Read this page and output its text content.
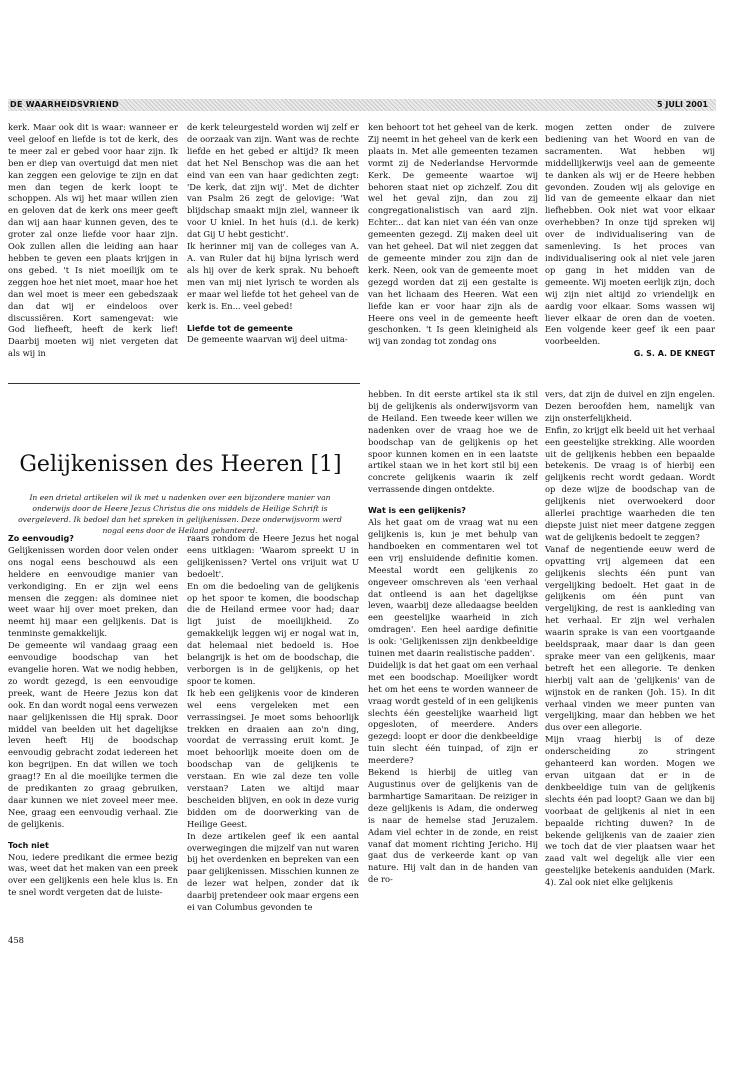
DE WAARHEIDSVRIEND	5 JULI 2001

kerk. Maar ook dit is waar: wanneer er veel geloof en liefde is tot de kerk, des te meer zal er gebed voor haar zijn. Ik ben er diep van overtuigd dat men niet kan zeggen een gelovige te zijn en dat men dan tegen de kerk loopt te schoppen. Als wij het maar willen zien en geloven dat de kerk ons meer geeft dan wij aan haar kunnen geven, des te groter zal onze liefde voor haar zijn. Ook zullen allen die leiding aan haar hebben te geven een plaats krijgen in ons gebed. 't Is niet moeilijk om te zeggen hoe het niet moet, maar hoe het dan wel moet is meer een gebedszaak dan dat wij er eindeloos over discussiëren. Kort samengevat: wie God liefheeft, heeft de kerk lief! Daarbij moeten wij niet vergeten dat als wij in

de kerk teleurgesteld worden wij zelf er de oorzaak van zijn. Want was de rechte liefde en het gebed er altijd? Ik meen dat het Nel Benschop was die aan het eind van een van haar gedichten zegt: 'De kerk, dat zijn wij'. Met de dichter van Psalm 26 zegt de gelovige: 'Wat blijdschap smaakt mijn ziel, wanneer ik voor U kniel. In het huis (d.i. de kerk) dat Gij U hebt gesticht'.

Ik herinner mij van de colleges van A. A. van Ruler dat hij bijna lyrisch werd als hij over de kerk sprak. Nu behoeft men van mij niet lyrisch te worden als er maar wel liefde tot het geheel van de kerk is. En... veel gebed!

Liefde tot de gemeente

De gemeente waarvan wij deel uitma-

ken behoort tot het geheel van de kerk. Zij neemt in het geheel van de kerk een plaats in. Met alle gemeenten tezamen vormt zij de Nederlandse Hervormde Kerk. De gemeente waartoe wij behoren staat niet op zichzelf. Zou dit wel het geval zijn, dan zou zij congregationalistisch van aard zijn. Echter... dat kan niet van één van onze gemeenten gezegd. Zij maken deel uit van het geheel. Dat wil niet zeggen dat de gemeente minder zou zijn dan de kerk. Neen, ook van de gemeente moet gezegd worden dat zij een gestalte is van het lichaam des Heeren. Wat een liefde kan er voor haar zijn als de Heere ons veel in de gemeente heeft geschonken. 't Is geen kleinigheid als wij van zondag tot zondag ons

mogen zetten onder de zuivere bediening van het Woord en van de sacramenten. Wat hebben wij middellijkerwijs veel aan de gemeente te danken als wij er de Heere hebben gevonden. Zouden wij als gelovige en lid van de gemeente elkaar dan niet liefhebben. Ook niet wat voor elkaar overhebben? In onze tijd spreken wij over de individualisering van de samenleving. Is het proces van individualisering ook al niet vele jaren op gang in het midden van de gemeente. Wij moeten eerlijk zijn, doch wij zijn niet altijd zo vriendelijk en aardig voor elkaar. Soms wassen wij liever elkaar de oren dan de voeten. Een volgende keer geef ik een paar voorbeelden.

G. S. A. DE KNEGT

Gelijkenissen des Heeren [1]
In een drietal artikelen wil ik met u nadenken over een bijzondere manier van onderwijs door de Heere Jezus Christus die ons middels de Heilige Schrift is overgeleverd. Ik bedoel dan het spreken in gelijkenissen. Deze onderwijsvorm werd nogal eens door de Heiland gehanteerd.

Zo eenvoudig?

Gelijkenissen worden door velen onder ons nogal eens beschouwd als een heldere en eenvoudige manier van verkondiging. En er zijn wel eens mensen die zeggen: als dominee niet weet waar hij over moet preken, dan neemt hij maar een gelijkenis. Dat is tenminste gemakkelijk.

De gemeente wil vandaag graag een eenvoudige boodschap van het evangelie horen. Wat we nodig hebben, zo wordt gezegd, is een eenvoudige preek, want de Heere Jezus kon dat ook. En dan wordt nogal eens verwezen naar gelijkenissen die Hij sprak. Door middel van beelden uit het dagelijkse leven heeft Hij de boodschap eenvoudig gebracht zodat iedereen het kon begrijpen. En dat willen we toch graag!? En al die moeilijke termen die de predikanten zo graag gebruiken, daar kunnen we niet zoveel meer mee. Nee, graag een eenvoudig verhaal. Zie de gelijkenis.

Toch niet

Nou, iedere predikant die ermee bezig was, weet dat het maken van een preek over een gelijkenis een hele klus is. En te snel wordt vergeten dat de luiste-

raars rondom de Heere Jezus het nogal eens uitklagen: 'Waarom spreekt U in gelijkenissen? Vertel ons vrijuit wat U bedoelt'.

En om die bedoeling van de gelijkenis op het spoor te komen, die boodschap die de Heiland ermee voor had; daar ligt juist de moeilijkheid. Zo gemakkelijk leggen wij er nogal wat in, dat helemaal niet bedoeld is. Hoe belangrijk is het om de boodschap, die verborgen is in de gelijkenis, op het spoor te komen.

Ik heb een gelijkenis voor de kinderen wel eens vergeleken met een verrassingsei. Je moet soms behoorlijk trekken en draaien aan zo'n ding, voordat de verrassing eruit komt. Je moet behoorlijk moeite doen om de boodschap van de gelijkenis te verstaan. En wie zal deze ten volle verstaan? Laten we altijd maar bescheiden blijven, en ook in deze vurig bidden om de doorwerking van de Heilige Geest.

In deze artikelen geef ik een aantal overwegingen die mijzelf van nut waren bij het overdenken en bepreken van een paar gelijkenissen. Misschien kunnen ze de lezer wat helpen, zonder dat ik daarbij pretendeer ook maar ergens een ei van Columbus gevonden te

hebben. In dit eerste artikel sta ik stil bij de gelijkenis als onderwijsvorm van de Heiland. Een tweede keer willen we nadenken over de vraag hoe we de boodschap van de gelijkenis op het spoor kunnen komen en in een laatste artikel staan we in het kort stil bij een concrete gelijkenis waarin ik zelf verrassende dingen ontdekte.

Wat is een gelijkenis?

Als het gaat om de vraag wat nu een gelijkenis is, kun je met behulp van handboeken en commentaren wel tot een vrij ensluidende definitie komen. Meestal wordt een gelijkenis zo ongeveer omschreven als 'een verhaal dat ontleend is aan het dagelijkse leven, waarbij deze alledaagse beelden een geestelijke waarheid in zich omdragen'. Een heel aardige definitie is ook: 'Gelijkenissen zijn denkbeeldige tuinen met daarin realistische padden'.

Duidelijk is dat het gaat om een verhaal met een boodschap. Moeilijker wordt het om het eens te worden wanneer de vraag wordt gesteld of in een gelijkenis slechts één geestelijke waarheid ligt opgesloten, of meerdere. Anders gezegd: loopt er door die denkbeeldige tuin slecht één tuinpad, of zijn er meerdere?

Bekend is hierbij de uitleg van Augustinus over de gelijkenis van de barmhartige Samaritaan. De reiziger in deze gelijkenis is Adam, die onderweg is naar de hemelse stad Jeruzalem. Adam viel echter in de zonde, en reist vanaf dat moment richting Jericho. Hij gaat dus de verkeerde kant op van nature. Hij valt dan in de handen van de ro-

vers, dat zijn de duivel en zijn engelen. Dezen beroofden hem, namelijk van zijn onsterfelijkheid.

Enfin, zo krijgt elk beeld uit het verhaal een geestelijke strekking. Alle woorden uit de gelijkenis hebben een bepaalde betekenis. De vraag is of hierbij een gelijkenis recht wordt gedaan. Wordt op deze wijze de boodschap van de gelijkenis niet overwoekerd door allerlei prachtige waarheden die ten diepste juist niet meer datgene zeggen wat de gelijkenis bedoelt te zeggen?

Vanaf de negentiende eeuw werd de opvatting vrij algemeen dat een gelijkenis slechts één punt van vergelijking bedoelt. Het gaat in de gelijkenis om één punt van vergelijking, de rest is aankleding van het verhaal. Er zijn wel verhalen waarin sprake is van een voortgaande beeldspraak, maar daar is dan geen sprake meer van een gelijkenis, maar betreft het een allegorie. Te denken hierbij valt aan de 'gelijkenis' van de wijnstok en de ranken (Joh. 15). In dit verhaal vinden we meer punten van vergelijking, maar dan hebben we het dus over een allegorie.

Mijn vraag hierbij is of deze onderscheiding zo stringent gehanteerd kan worden. Mogen we ervan uitgaan dat er in de denkbeeldige tuin van de gelijkenis slechts één pad loopt? Gaan we dan bij voorbaat de gelijkenis al niet in een bepaalde richting duwen? In de bekende gelijkenis van de zaaier zien we toch dat de vier plaatsen waar het zaad valt wel degelijk alle vier een geestelijke betekenis aanduiden (Mark. 4). Zal ook niet elke gelijkenis

458
